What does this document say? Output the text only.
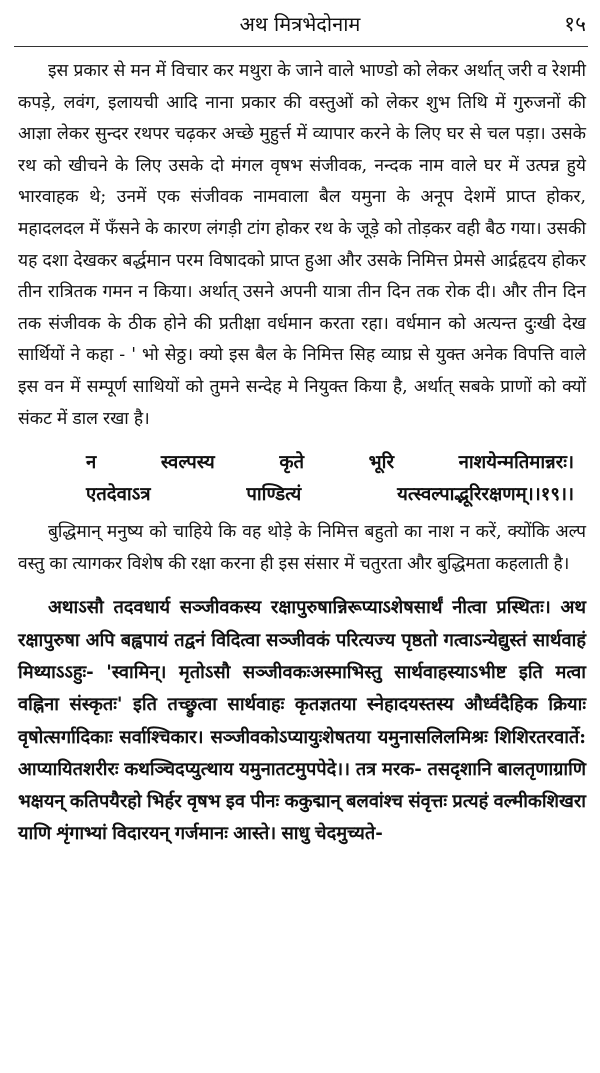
अथ मित्रभेदोनाम	१५

इस प्रकार से मन में विचार कर मथुरा के जाने वाले भाण्डो को लेकर अर्थात् जरी व रेशमी कपड़े, लवंग, इलायची आदि नाना प्रकार की वस्तुओं को लेकर शुभ तिथि में गुरुजनों की आज्ञा लेकर सुन्दर रथपर चढ़कर अच्छे मुहुर्त्त में व्यापार करने के लिए घर से चल पड़ा। उसके रथ को खीचने के लिए उसके दो मंगल वृषभ संजीवक, नन्दक नाम वाले घर में उत्पन्न हुये भारवाहक थे; उनमें एक संजीवक नामवाला बैल यमुना के अनूप देशमें प्राप्त होकर, महादलदल में फँसने के कारण लंगड़ी टांग होकर रथ के जूड़े को तोड़कर वही बैठ गया। उसकी यह दशा देखकर बर्द्धमान परम विषादको प्राप्त हुआ और उसके निमित्त प्रेमसे आर्द्रहृदय होकर तीन रात्रितक गमन न किया। अर्थात् उसने अपनी यात्रा तीन दिन तक रोक दी। और तीन दिन तक संजीवक के ठीक होने की प्रतीक्षा वर्धमान करता रहा। वर्धमान को अत्यन्त दुःखी देख सार्थियों ने कहा - ' भो सेठ्ठ। क्यो इस बैल के निमित्त सिह व्याघ्र से युक्त अनेक विपत्ति वाले इस वन में सम्पूर्ण साथियों को तुमने सन्देह मे नियुक्त किया है, अर्थात् सबके प्राणों को क्यों संकट में डाल रखा है।

न स्वल्पस्य कृते भूरि नाशयेन्मतिमान्नरः।
एतदेवाऽत्र पाण्डित्यं यत्स्वल्पाद्भूरिरक्षणम्।।१९।।

बुद्धिमान् मनुष्य को चाहिये कि वह थोड़े के निमित्त बहुतो का नाश न करें, क्योंकि अल्प वस्तु का त्यागकर विशेष की रक्षा करना ही इस संसार में चतुरता और बुद्धिमता कहलाती है।

अथाऽसौ तदवधार्य सञ्जीवकस्य रक्षापुरुषान्निरूप्याऽशेषसार्थं नीत्वा प्रस्थितः। अथ रक्षापुरुषा अपि बह्वपायं तद्वनं विदित्वा सञ्जीवकं परित्यज्य पृष्ठतो गत्वाऽन्येद्युस्तं सार्थवाहं मिथ्याऽऽहुः- 'स्वामिन्। मृतोऽसौ सञ्जीवकःअस्माभिस्तु सार्थवाहस्याऽभीष्ट इति मत्वा वह्निना संस्कृतः' इति तच्छ्रुत्वा सार्थवाहः कृतज्ञतया स्नेहादयस्तस्य और्ध्वदैहिक क्रियाः वृषोत्सर्गादिकाः सर्वाश्चिकार। सञ्जीवकोऽप्यायुःशेषतया यमुनासलिलमिश्रः शिशिरतरवार्ते: आप्यायितशरीरः कथञ्चिदप्युत्थाय यमुनातटमुपपेदे।। तत्र मरक- तसदृशानि बालतृणाग्राणि भक्षयन् कतिपयैरहो भिर्हर वृषभ इव पीनः ककुद्मान् बलवांश्च संवृत्तः प्रत्यहं वल्मीकशिखरा याणि शृंगाभ्यां विदारयन् गर्जमानः आस्ते। साधु चेदमुच्यते-
